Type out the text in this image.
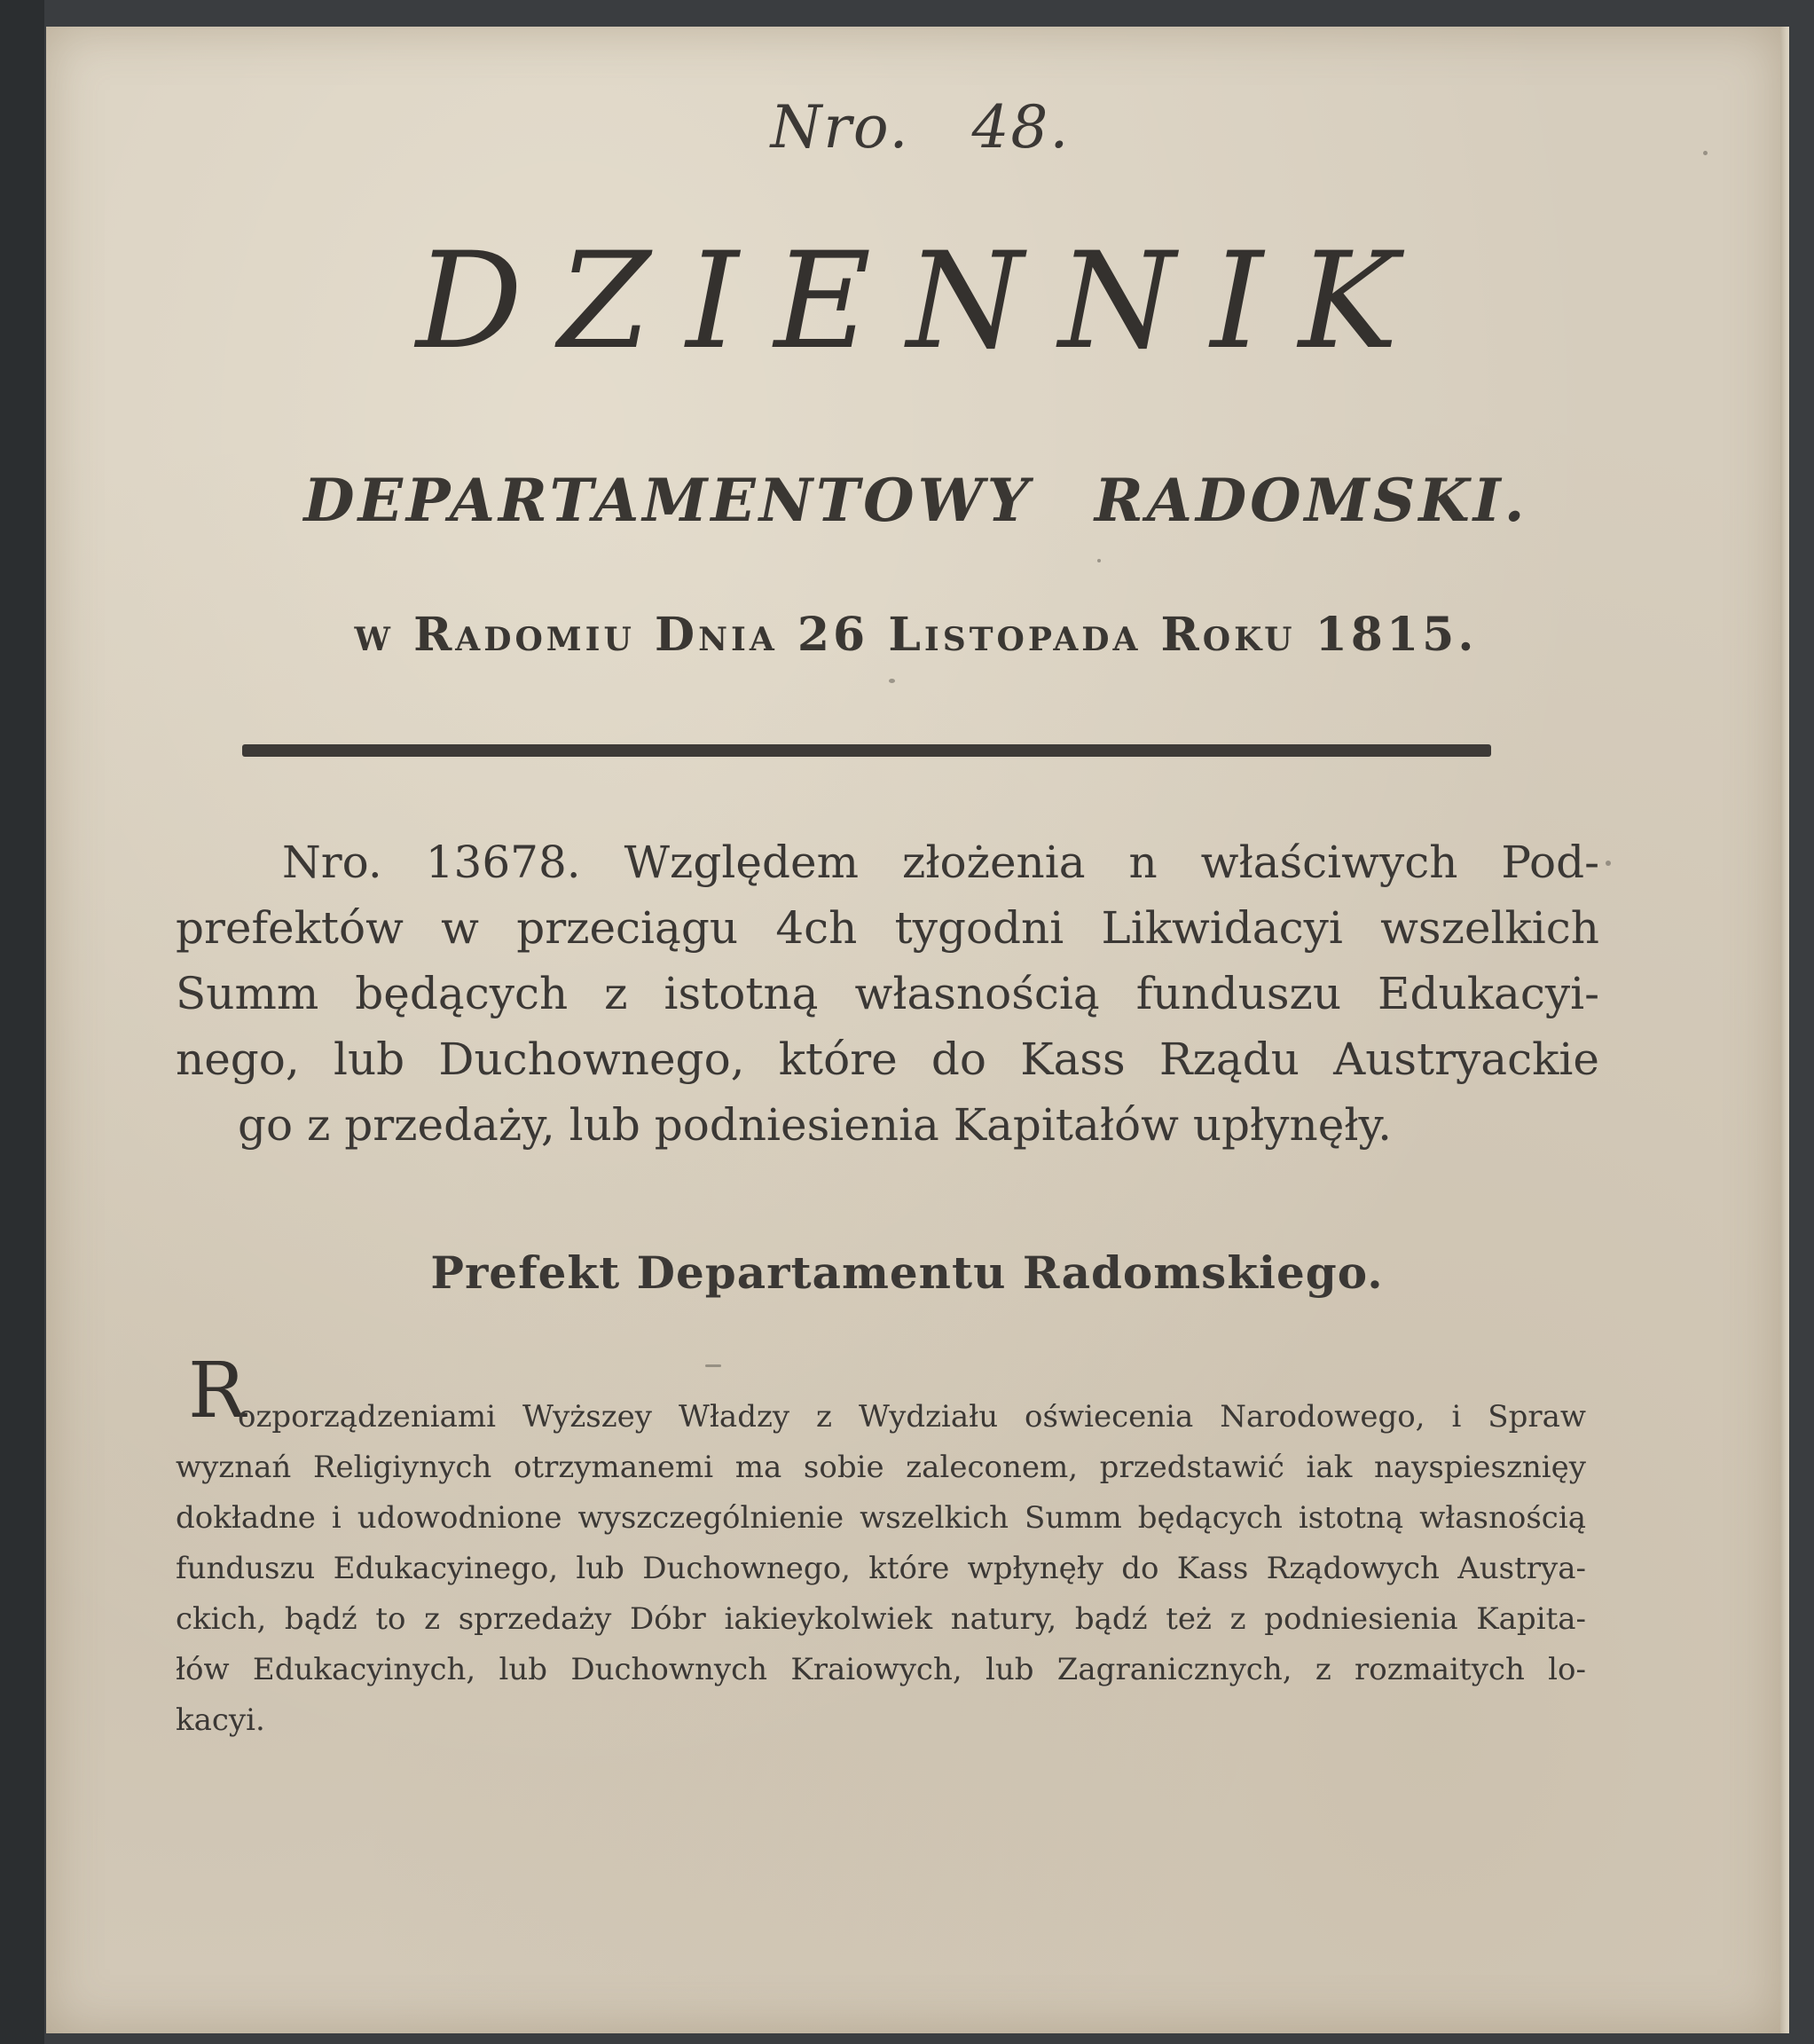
Nro. 48.
DZIENNIK
DEPARTAMENTOWY RADOMSKI.
w Radomiu Dnia 26 Listopada Roku 1815.
Nro. 13678. Względem złożenia n właściwych Pod-
prefektów w przeciągu 4ch tygodni Likwidacyi wszelkich
Summ będących z istotną własnością funduszu Edukacyi-
nego, lub Duchownego, które do Kass Rządu Austryackie
go z przedaży, lub podniesienia Kapitałów upłynęły.
Prefekt Departamentu Radomskiego.
R
ozporządzeniami Wyższey Władzy z Wydziału oświecenia Narodowego, i Spraw
wyznań Religiynych otrzymanemi ma sobie zaleconem, przedstawić iak nayspiesznięy
dokładne i udowodnione wyszczególnienie wszelkich Summ będących istotną własnością
funduszu Edukacyinego, lub Duchownego, które wpłynęły do Kass Rządowych Austrya-
ckich, bądź to z sprzedaży Dóbr iakieykolwiek natury, bądź też z podniesienia Kapita-
łów Edukacyinych, lub Duchownych Kraiowych, lub Zagranicznych, z rozmaitych lo-
kacyi.
